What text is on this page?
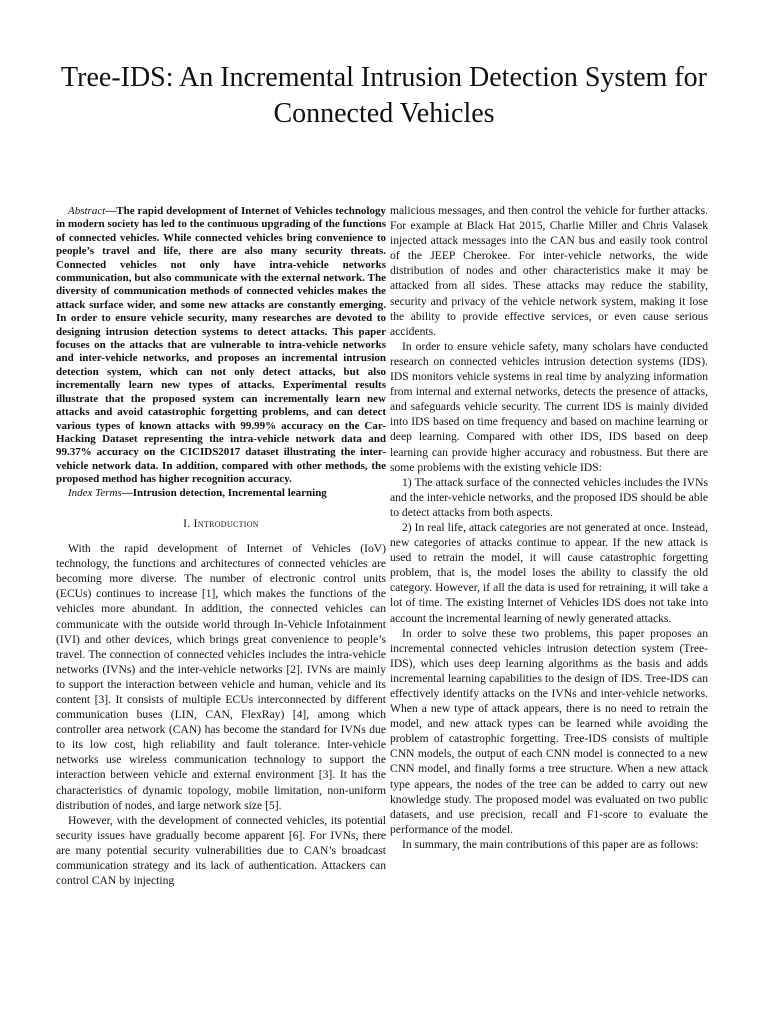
Tree-IDS: An Incremental Intrusion Detection System for Connected Vehicles

Abstract—The rapid development of Internet of Vehicles technology in modern society has led to the continuous upgrading of the functions of connected vehicles. While connected vehicles bring convenience to people’s travel and life, there are also many security threats. Connected vehicles not only have intra-vehicle networks communication, but also communicate with the external network. The diversity of communication methods of connected vehicles makes the attack surface wider, and some new attacks are constantly emerging. In order to ensure vehicle security, many researches are devoted to designing intrusion detection systems to detect attacks. This paper focuses on the attacks that are vulnerable to intra-vehicle networks and inter-vehicle networks, and proposes an incremental intrusion detection system, which can not only detect attacks, but also incrementally learn new types of attacks. Experimental results illustrate that the proposed system can incrementally learn new attacks and avoid catastrophic forgetting problems, and can detect various types of known attacks with 99.99% accuracy on the Car-Hacking Dataset representing the intra-vehicle network data and 99.37% accuracy on the CICIDS2017 dataset illustrating the inter-vehicle network data. In addition, compared with other methods, the proposed method has higher recognition accuracy.

Index Terms—Intrusion detection, Incremental learning

I. Introduction

With the rapid development of Internet of Vehicles (IoV) technology, the functions and architectures of connected vehicles are becoming more diverse. The number of electronic control units (ECUs) continues to increase [1], which makes the functions of the vehicles more abundant. In addition, the connected vehicles can communicate with the outside world through In-Vehicle Infotainment (IVI) and other devices, which brings great convenience to people’s travel. The connection of connected vehicles includes the intra-vehicle networks (IVNs) and the inter-vehicle networks [2]. IVNs are mainly to support the interaction between vehicle and human, vehicle and its content [3]. It consists of multiple ECUs interconnected by different communication buses (LIN, CAN, FlexRay) [4], among which controller area network (CAN) has become the standard for IVNs due to its low cost, high reliability and fault tolerance. Inter-vehicle networks use wireless communication technology to support the interaction between vehicle and external environment [3]. It has the characteristics of dynamic topology, mobile limitation, non-uniform distribution of nodes, and large network size [5].

However, with the development of connected vehicles, its potential security issues have gradually become apparent [6]. For IVNs, there are many potential security vulnerabilities due to CAN’s broadcast communication strategy and its lack of authentication. Attackers can control CAN by injecting

malicious messages, and then control the vehicle for further attacks. For example at Black Hat 2015, Charlie Miller and Chris Valasek injected attack messages into the CAN bus and easily took control of the JEEP Cherokee. For inter-vehicle networks, the wide distribution of nodes and other characteristics make it may be attacked from all sides. These attacks may reduce the stability, security and privacy of the vehicle network system, making it lose the ability to provide effective services, or even cause serious accidents.

In order to ensure vehicle safety, many scholars have conducted research on connected vehicles intrusion detection systems (IDS). IDS monitors vehicle systems in real time by analyzing information from internal and external networks, detects the presence of attacks, and safeguards vehicle security. The current IDS is mainly divided into IDS based on time frequency and based on machine learning or deep learning. Compared with other IDS, IDS based on deep learning can provide higher accuracy and robustness. But there are some problems with the existing vehicle IDS:

1) The attack surface of the connected vehicles includes the IVNs and the inter-vehicle networks, and the proposed IDS should be able to detect attacks from both aspects.

2) In real life, attack categories are not generated at once. Instead, new categories of attacks continue to appear. If the new attack is used to retrain the model, it will cause catastrophic forgetting problem, that is, the model loses the ability to classify the old category. However, if all the data is used for retraining, it will take a lot of time. The existing Internet of Vehicles IDS does not take into account the incremental learning of newly generated attacks.

In order to solve these two problems, this paper proposes an incremental connected vehicles intrusion detection system (Tree-IDS), which uses deep learning algorithms as the basis and adds incremental learning capabilities to the design of IDS. Tree-IDS can effectively identify attacks on the IVNs and inter-vehicle networks. When a new type of attack appears, there is no need to retrain the model, and new attack types can be learned while avoiding the problem of catastrophic forgetting. Tree-IDS consists of multiple CNN models, the output of each CNN model is connected to a new CNN model, and finally forms a tree structure. When a new attack type appears, the nodes of the tree can be added to carry out new knowledge study. The proposed model was evaluated on two public datasets, and use precision, recall and F1-score to evaluate the performance of the model.

In summary, the main contributions of this paper are as follows:
